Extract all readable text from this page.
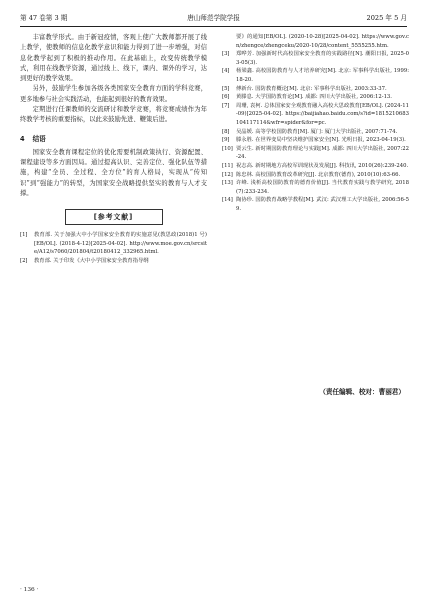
第 47 卷第 3 期	唐山师范学院学报	2025 年 5 月

丰富教学形式。由于新冠疫情，客观上使广大教师都开展了线上教学，使教师的信息化教学意识和能力得到了进一步增强，对信息化教学起到了积极的推动作用。在此基础上，改变传统教学模式，利用在线教学资源，通过线上、线下，课内、课外的学习，达到更好的教学效果。

另外，鼓励学生参加各级各类国家安全教育方面的学科竞赛，更多地参与社会实践活动，也能起到很好的教育效果。

定期进行任课教师的交流研讨和教学竞赛，将竞赛成绩作为年终教学考核的重要指标，以此来鼓励先进、鞭策后进。

4 结语

国家安全教育课程定位的优化需要机制政策执行、资源配置、课程建设等多方面因局。通过提高认识、完善定位、强化队伍等措施，构建“全员、全过程、全方位”的育人格局，实现从“传知识”到“强能力”的转型，为国家安全战略提供坚实的教育与人才支撑。

[参考文献]
[1]	教育部. 关于加强大中小学国家安全教育的实施意见(教思政(2018)1 号)[EB/OL]. (2018-4-12)[2025-04-02]. http://www.moe.gov.cn/srcsite/A12/s7060/201804/t20180412_332965.html.
[2]	教育部. 关于印发《大中小学国家安全教育指导纲
要》的通知[EB/OL]. (2020-10-28)[2025-04-02]. https://www.gov.cn/zhengce/zhengceku/2020-10/28/content_5555255.htm.
[3]	郑哗芳. 加强新时代高校国家安全教育的实践路径[N]. 潮阳日报, 2025-03-05(3).
[4]	杨梁鑫. 高校国防教育与人才培养研究[M]. 北京: 军事科学出版社, 1999:18-20.
[5]	傅新台. 国防教育概论[M]. 北京: 军事科学出版社, 2003:33-37.
[6]	黄滕息. 大学国防教育论[M]. 成都: 四川大学出版社, 2006:12-13.
[7]	周珊, 袁柯. 总体国家安全观教育融入高校大思政教育[EB/OL]. (2024-11-09)[2025-04-02]. https://baijiahao.baidu.com/s?id=1815210683104117114&wfr=spider&for=pc.
[8]	吴晶媛. 高等学校国防教育[M]. 厦门: 厦门大学出版社, 2007:71-74.
[9]	滕永胜. 在世界变局中坚决维护国家安全[N]. 光明日报, 2023-04-19(3).
[10] 贾云生. 新时期国防教育理论与实践[M]. 成都: 四川大学出版社, 2007:22-24.
[11] 祝志高. 新时期地方高校军训现状及发展[J]. 科技讯, 2010(26):239-240.
[12] 陈忠林. 高校国防教育改革研究[J]. 北京教育(德育), 2010(10):63-66.
[13] 许峰. 浅析高校国防教育的德育价值[J]. 当代教育实践与教学研究, 2018(7):233-234.
[14] 陶协珍. 国防教育战略学教程[M]. 武汉: 武汉理工大学出版社, 2006:56-59.
（责任编辑、校对：曹丽君）
· 136 ·
